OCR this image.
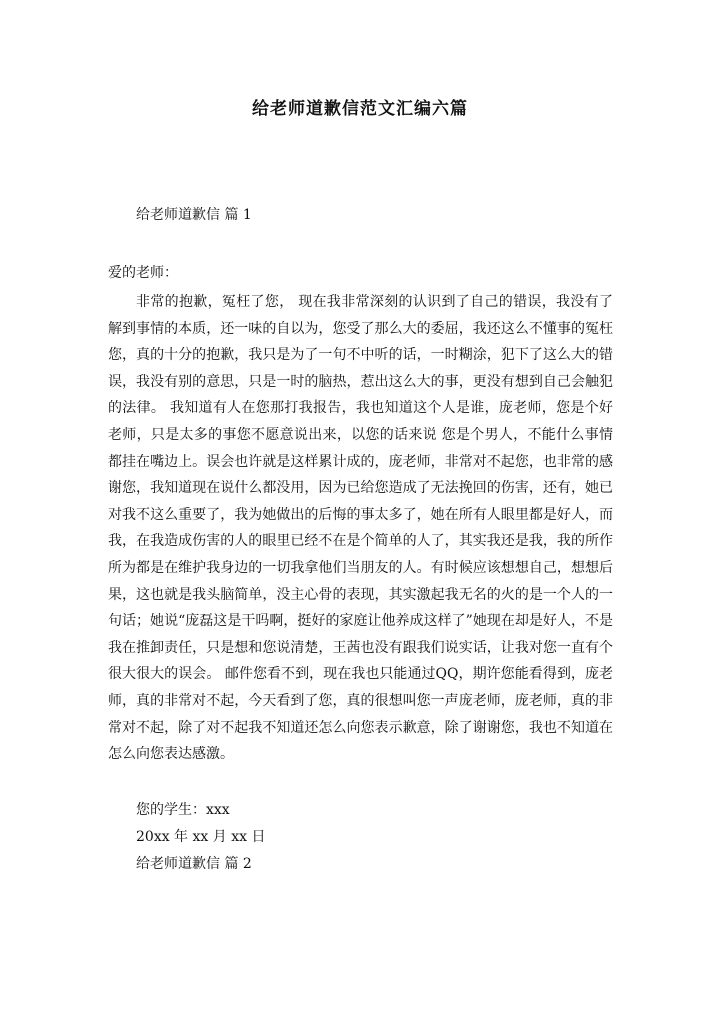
给老师道歉信范文汇编六篇
给老师道歉信 篇 1
爱的老师：

非常的抱歉，冤枉了您， 现在我非常深刻的认识到了自己的错误，我没有了解到事情的本质，还一味的自以为，您受了那么大的委屈，我还这么不懂事的冤枉您，真的十分的抱歉，我只是为了一句不中听的话，一时糊涂，犯下了这么大的错误，我没有别的意思，只是一时的脑热，惹出这么大的事，更没有想到自己会触犯的法律。 我知道有人在您那打我报告，我也知道这个人是谁，庞老师，您是个好老师，只是太多的事您不愿意说出来，以您的话来说 您是个男人，不能什么事情都挂在嘴边上。误会也许就是这样累计成的，庞老师，非常对不起您，也非常的感谢您，我知道现在说什么都没用，因为已给您造成了无法挽回的伤害，还有，她已对我不这么重要了，我为她做出的后悔的事太多了，她在所有人眼里都是好人，而我，在我造成伤害的人的眼里已经不在是个简单的人了，其实我还是我，我的所作所为都是在维护我身边的一切我拿他们当朋友的人。有时候应该想想自己，想想后果，这也就是我头脑简单，没主心骨的表现，其实激起我无名的火的是一个人的一句话；她说“庞磊这是干吗啊，挺好的家庭让他养成这样了”她现在却是好人，不是我在推卸责任，只是想和您说清楚，王茜也没有跟我们说实话，让我对您一直有个很大很大的误会。 邮件您看不到，现在我也只能通过QQ，期许您能看得到，庞老师，真的非常对不起，今天看到了您，真的很想叫您一声庞老师，庞老师，真的非常对不起，除了对不起我不知道还怎么向您表示歉意，除了谢谢您，我也不知道在怎么向您表达感激。

您的学生：xxx
20xx 年 xx 月 xx 日
给老师道歉信 篇 2
